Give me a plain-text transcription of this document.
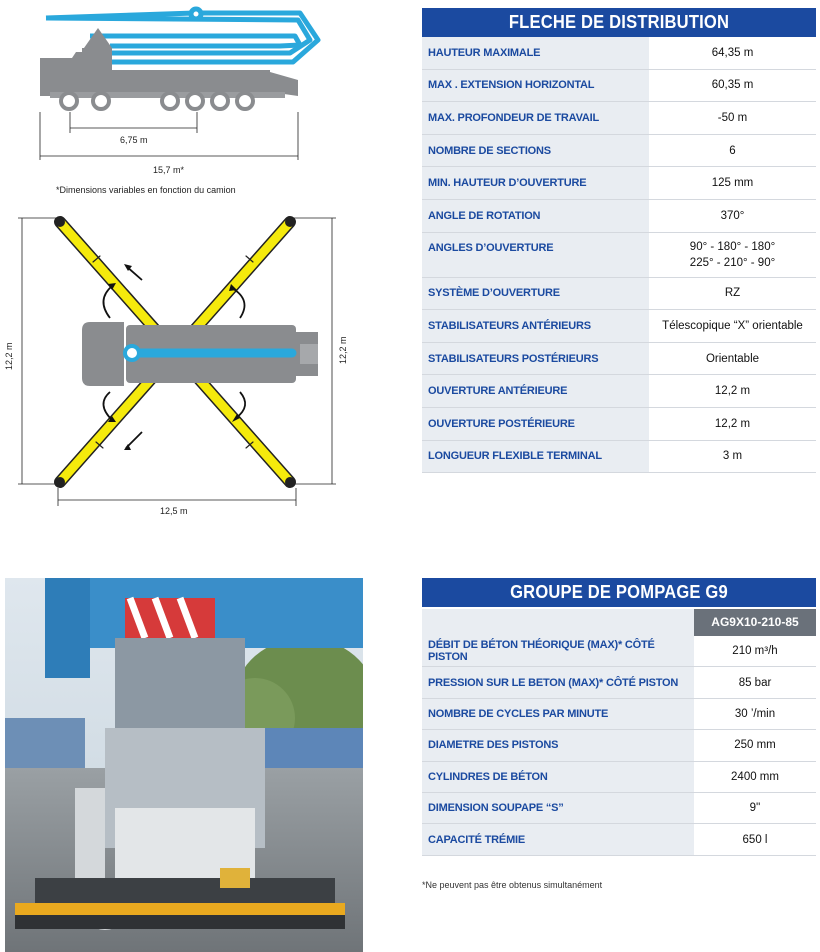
6,75 m
15,7 m*
*Dimensions variables en fonction du camion
12,2 m	12,2 m
12,5 m
FLECHE DE DISTRIBUTION
HAUTEUR MAXIMALE	64,35 m
MAX . EXTENSION HORIZONTAL	60,35 m
MAX. PROFONDEUR DE TRAVAIL	-50 m
NOMBRE DE SECTIONS	6
MIN. HAUTEUR D’OUVERTURE	125 mm
ANGLE DE ROTATION	370°
ANGLES D’OUVERTURE	90° - 180° - 180°
225° - 210° - 90°
SYSTÈME D’OUVERTURE	RZ
STABILISATEURS ANTÉRIEURS	Télescopique “X” orientable
STABILISATEURS POSTÉRIEURS	Orientable
OUVERTURE ANTÉRIEURE	12,2 m
OUVERTURE POSTÉRIEURE	12,2 m
LONGUEUR FLEXIBLE TERMINAL	3 m
GROUPE DE POMPAGE G9
AG9X10-210-85
DÉBIT DE BÉTON THÉORIQUE (MAX)* CÔTÉ PISTON	210 m³/h
PRESSION SUR LE BETON (MAX)* CÔTÉ PISTON	85 bar
NOMBRE DE CYCLES PAR MINUTE	30 ’/min
DIAMETRE DES PISTONS	250 mm
CYLINDRES DE BÉTON	2400 mm
DIMENSION SOUPAPE “S”	9''
CAPACITÉ TRÉMIE	650 l
*Ne peuvent pas être obtenus simultanément
